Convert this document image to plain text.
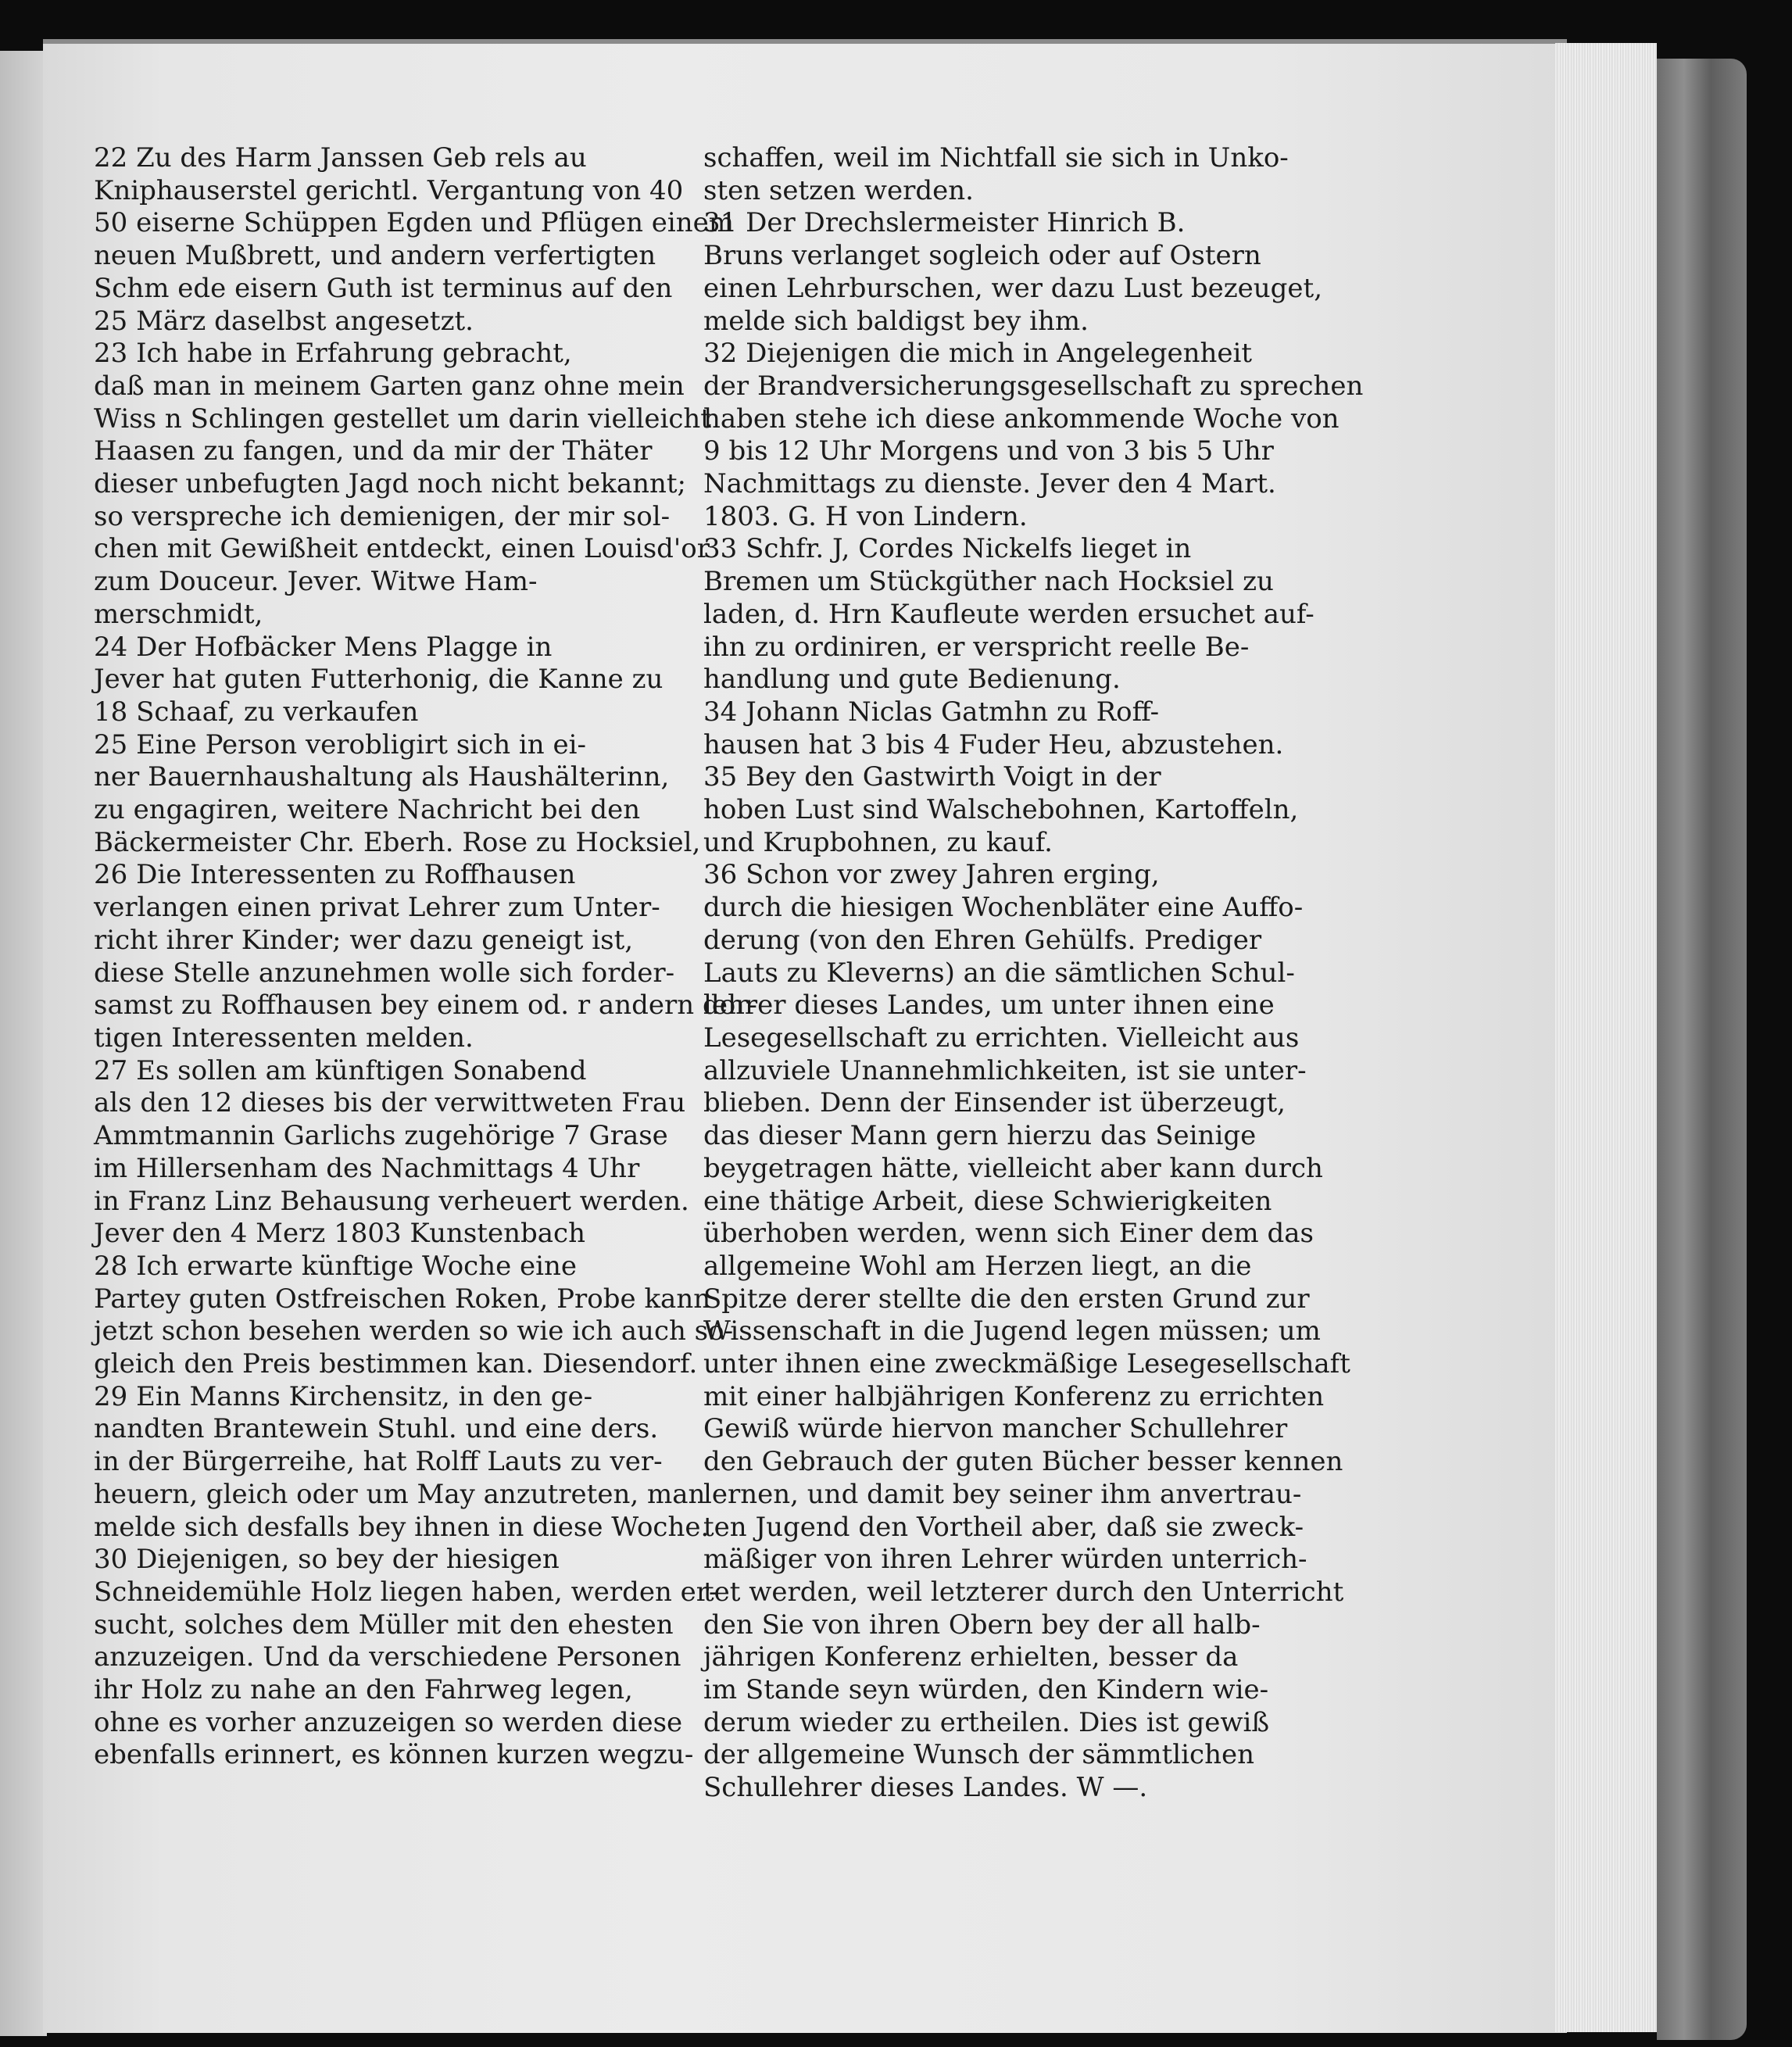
22 Zu des Harm Janssen Geb rels au

Kniphauserstel gerichtl. Vergantung von 40

50 eiserne Schüppen Egden und Pflügen einem

neuen Mußbrett, und andern verfertigten

Schm ede eisern Guth ist terminus auf den

25 März daselbst angesetzt.

23 Ich habe in Erfahrung gebracht,

daß man in meinem Garten ganz ohne mein

Wiss n Schlingen gestellet um darin vielleicht

Haasen zu fangen, und da mir der Thäter

dieser unbefugten Jagd noch nicht bekannt;

so verspreche ich demienigen, der mir sol-

chen mit Gewißheit entdeckt, einen Louisd'or

zum Douceur. Jever. Witwe Ham-

merschmidt,

24 Der Hofbäcker Mens Plagge in

Jever hat guten Futterhonig, die Kanne zu

18 Schaaf, zu verkaufen

25 Eine Person verobligirt sich in ei-

ner Bauernhaushaltung als Haushälterinn,

zu engagiren, weitere Nachricht bei den

Bäckermeister Chr. Eberh. Rose zu Hocksiel,

26 Die Interessenten zu Roffhausen

verlangen einen privat Lehrer zum Unter-

richt ihrer Kinder; wer dazu geneigt ist,

diese Stelle anzunehmen wolle sich forder-

samst zu Roffhausen bey einem od. r andern dor-

tigen Interessenten melden.

27 Es sollen am künftigen Sonabend

als den 12 dieses bis der verwittweten Frau

Ammtmannin Garlichs zugehörige 7 Grase

im Hillersenham des Nachmittags 4 Uhr

in Franz Linz Behausung verheuert werden.

Jever den 4 Merz 1803 Kunstenbach

28 Ich erwarte künftige Woche eine

Partey guten Ostfreischen Roken, Probe kann

jetzt schon besehen werden so wie ich auch so-

gleich den Preis bestimmen kan. Diesendorf.

29 Ein Manns Kirchensitz, in den ge-

nandten Brantewein Stuhl. und eine ders.

in der Bürgerreihe, hat Rolff Lauts zu ver-

heuern, gleich oder um May anzutreten, man

melde sich desfalls bey ihnen in diese Woche.

30 Diejenigen, so bey der hiesigen

Schneidemühle Holz liegen haben, werden er-

sucht, solches dem Müller mit den ehesten

anzuzeigen. Und da verschiedene Personen

ihr Holz zu nahe an den Fahrweg legen,

ohne es vorher anzuzeigen so werden diese

ebenfalls erinnert, es können kurzen wegzu-

schaffen, weil im Nichtfall sie sich in Unko-

sten setzen werden.

31 Der Drechslermeister Hinrich B.

Bruns verlanget sogleich oder auf Ostern

einen Lehrburschen, wer dazu Lust bezeuget,

melde sich baldigst bey ihm.

32 Diejenigen die mich in Angelegenheit

der Brandversicherungsgesellschaft zu sprechen

haben stehe ich diese ankommende Woche von

9 bis 12 Uhr Morgens und von 3 bis 5 Uhr

Nachmittags zu dienste. Jever den 4 Mart.

1803. G. H von Lindern.

33 Schfr. J, Cordes Nickelfs lieget in

Bremen um Stückgüther nach Hocksiel zu

laden, d. Hrn Kaufleute werden ersuchet auf-

ihn zu ordiniren, er verspricht reelle Be-

handlung und gute Bedienung.

34 Johann Niclas Gatmhn zu Roff-

hausen hat 3 bis 4 Fuder Heu, abzustehen.

35 Bey den Gastwirth Voigt in der

hoben Lust sind Walschebohnen, Kartoffeln,

und Krupbohnen, zu kauf.

36 Schon vor zwey Jahren erging,

durch die hiesigen Wochenbläter eine Auffo-

derung (von den Ehren Gehülfs. Prediger

Lauts zu Kleverns) an die sämtlichen Schul-

lehrer dieses Landes, um unter ihnen eine

Lesegesellschaft zu errichten. Vielleicht aus

allzuviele Unannehmlichkeiten, ist sie unter-

blieben. Denn der Einsender ist überzeugt,

das dieser Mann gern hierzu das Seinige

beygetragen hätte, vielleicht aber kann durch

eine thätige Arbeit, diese Schwierigkeiten

überhoben werden, wenn sich Einer dem das

allgemeine Wohl am Herzen liegt, an die

Spitze derer stellte die den ersten Grund zur

Wissenschaft in die Jugend legen müssen; um

unter ihnen eine zweckmäßige Lesegesellschaft

mit einer halbjährigen Konferenz zu errichten

Gewiß würde hiervon mancher Schullehrer

den Gebrauch der guten Bücher besser kennen

lernen, und damit bey seiner ihm anvertrau-

ten Jugend den Vortheil aber, daß sie zweck-

mäßiger von ihren Lehrer würden unterrich-

tet werden, weil letzterer durch den Unterricht

den Sie von ihren Obern bey der all halb-

jährigen Konferenz erhielten, besser da

im Stande seyn würden, den Kindern wie-

derum wieder zu ertheilen. Dies ist gewiß

der allgemeine Wunsch der sämmtlichen

Schullehrer dieses Landes. W —.
